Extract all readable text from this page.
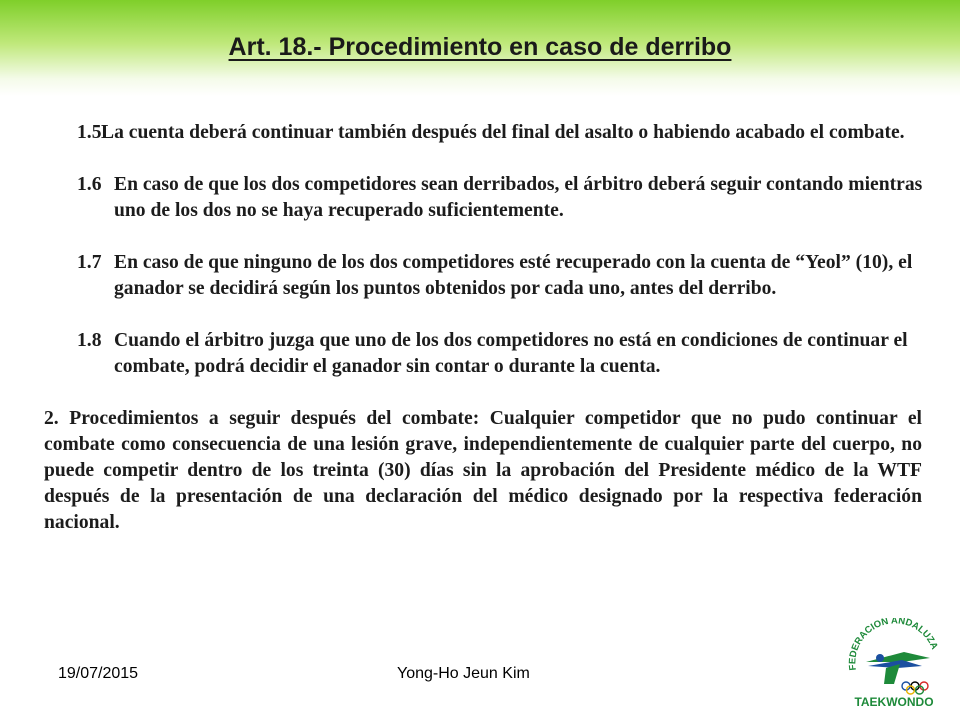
Art. 18.- Procedimiento en caso de derribo
1.5 La cuenta deberá continuar también después del final del asalto o habiendo acabado el combate.
1.6 En caso de que los dos competidores sean derribados, el árbitro deberá seguir contando mientras uno de los dos no se haya recuperado suficientemente.
1.7 En caso de que ninguno de los dos competidores esté recuperado con la cuenta de “Yeol” (10), el ganador se decidirá según los puntos obtenidos por cada uno, antes del derribo.
1.8 Cuando el árbitro juzga que uno de los dos competidores no está en condiciones de continuar el combate, podrá decidir el ganador sin contar o durante la cuenta.
2. Procedimientos a seguir después del combate: Cualquier competidor que no pudo continuar el combate como consecuencia de una lesión grave, independientemente de cualquier parte del cuerpo, no puede competir dentro de los treinta (30) días sin la aprobación del Presidente médico de la WTF después de la presentación de una declaración del médico designado por la respectiva federación nacional.
19/07/2015	Yong-Ho Jeun Kim	FEDERACION ANDALUZA
TAEKWONDO
